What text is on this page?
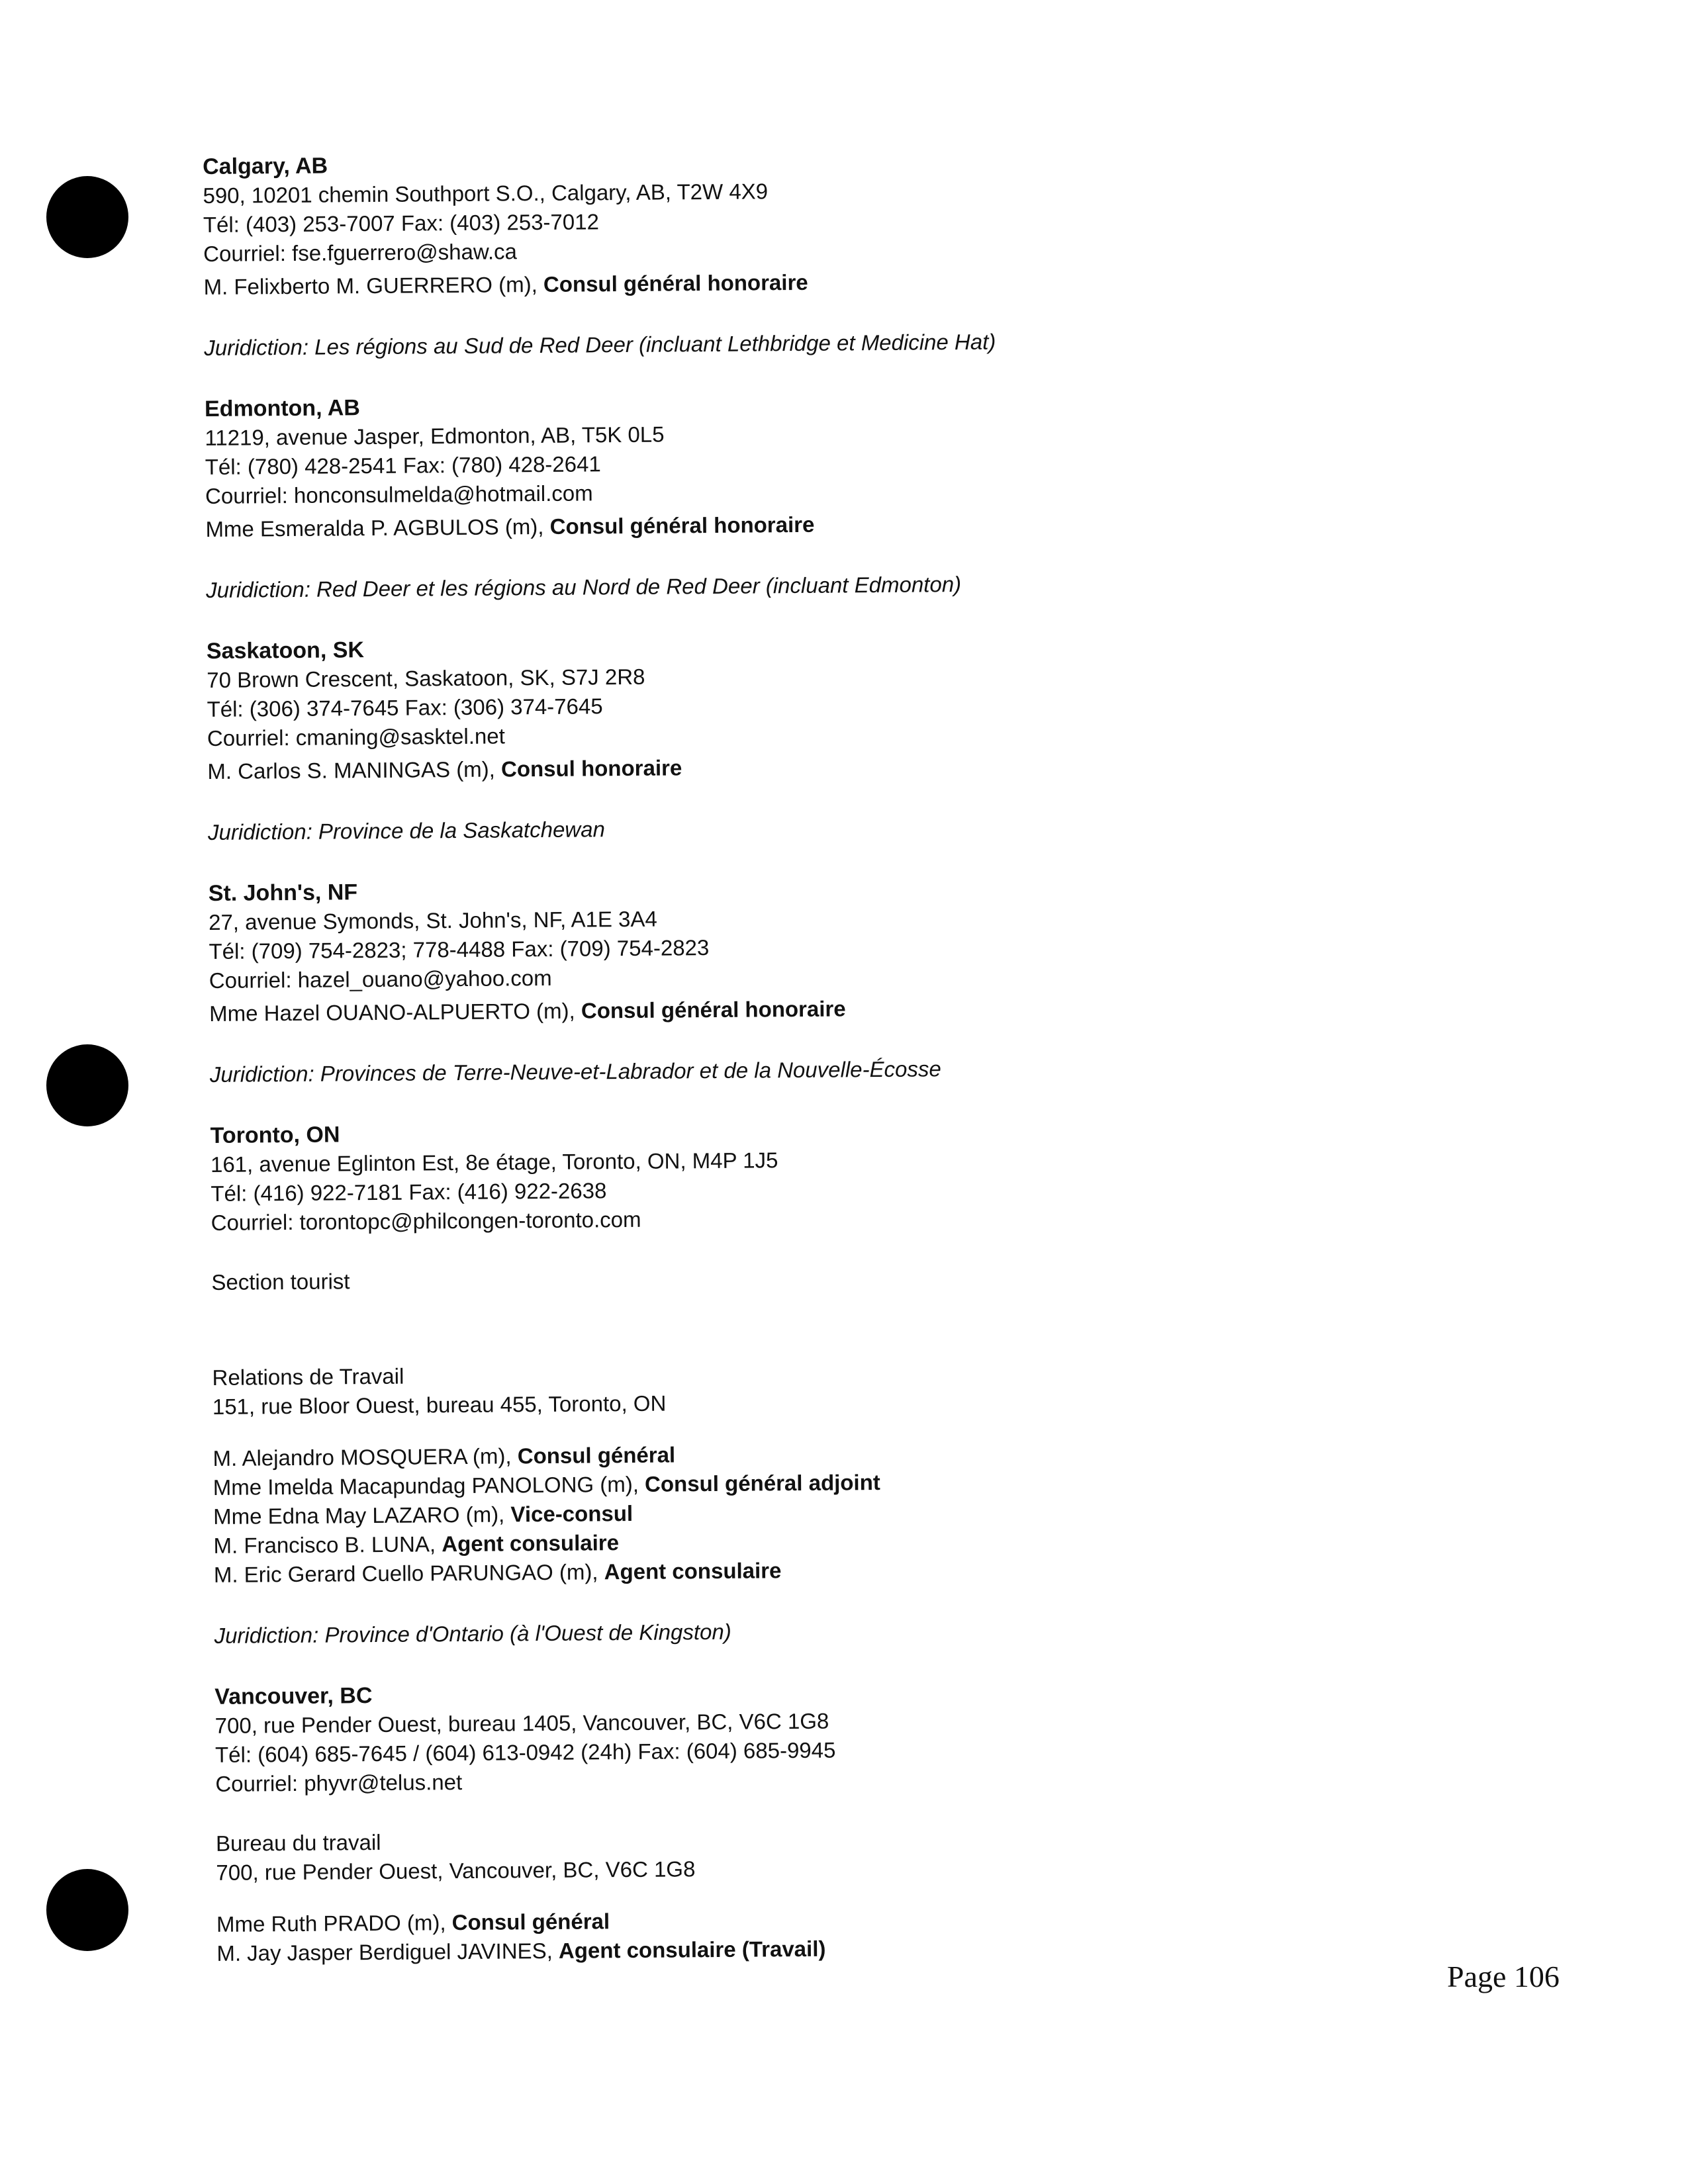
Calgary, AB
590, 10201 chemin Southport S.O., Calgary, AB, T2W 4X9
Tél: (403) 253-7007 Fax: (403) 253-7012
Courriel: fse.fguerrero@shaw.ca
M. Felixberto M. GUERRERO (m), Consul général honoraire
Juridiction: Les régions au Sud de Red Deer (incluant Lethbridge et Medicine Hat)
Edmonton, AB
11219, avenue Jasper, Edmonton, AB, T5K 0L5
Tél: (780) 428-2541 Fax: (780) 428-2641
Courriel: honconsulmelda@hotmail.com
Mme Esmeralda P. AGBULOS (m), Consul général honoraire
Juridiction: Red Deer et les régions au Nord de Red Deer (incluant Edmonton)
Saskatoon, SK
70 Brown Crescent, Saskatoon, SK, S7J 2R8
Tél: (306) 374-7645 Fax: (306) 374-7645
Courriel: cmaning@sasktel.net
M. Carlos S. MANINGAS (m), Consul honoraire
Juridiction: Province de la Saskatchewan
St. John's, NF
27, avenue Symonds, St. John's, NF, A1E 3A4
Tél: (709) 754-2823; 778-4488 Fax: (709) 754-2823
Courriel: hazel_ouano@yahoo.com
Mme Hazel OUANO-ALPUERTO (m), Consul général honoraire
Juridiction: Provinces de Terre-Neuve-et-Labrador et de la Nouvelle-Écosse
Toronto, ON
161, avenue Eglinton Est, 8e étage, Toronto, ON, M4P 1J5
Tél: (416) 922-7181 Fax: (416) 922-2638
Courriel: torontopc@philcongen-toronto.com
Section tourist
Relations de Travail
151, rue Bloor Ouest, bureau 455, Toronto, ON
M. Alejandro MOSQUERA (m), Consul général
Mme Imelda Macapundag PANOLONG (m), Consul général adjoint
Mme Edna May LAZARO (m), Vice-consul
M. Francisco B. LUNA, Agent consulaire
M. Eric Gerard Cuello PARUNGAO (m), Agent consulaire
Juridiction: Province d'Ontario (à l'Ouest de Kingston)
Vancouver, BC
700, rue Pender Ouest, bureau 1405, Vancouver, BC, V6C 1G8
Tél: (604) 685-7645 / (604) 613-0942 (24h) Fax: (604) 685-9945
Courriel: phyvr@telus.net
Bureau du travail
700, rue Pender Ouest, Vancouver, BC, V6C 1G8
Mme Ruth PRADO (m), Consul général
M. Jay Jasper Berdiguel JAVINES, Agent consulaire (Travail)
Page 106
